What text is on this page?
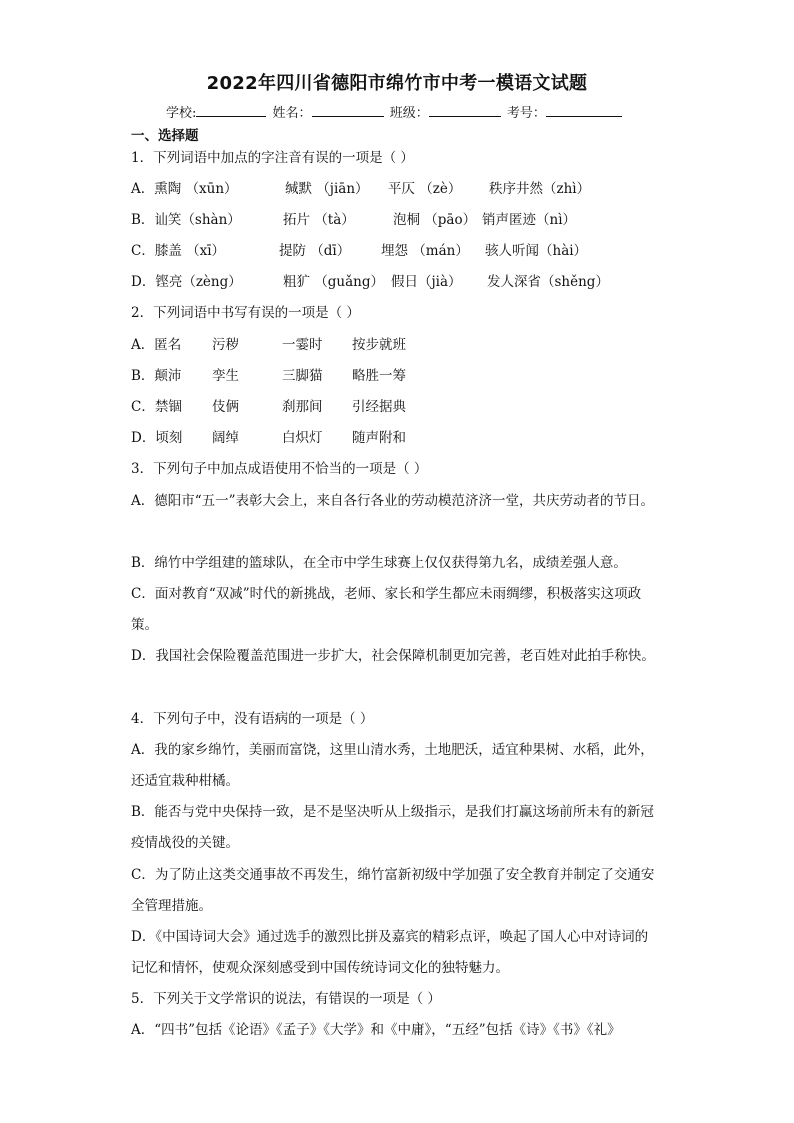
2022年四川省德阳市绵竹市中考一模语文试题
学校:	姓名：	班级：	考号：
一、选择题
1．下列词语中加点的字注音有误的一项是（ ）
A．熏陶 （xūn）	缄默 （jiān） 平仄 （zè） 秩序井然（zhì）
B．讪笑（shàn）	拓片 （tà）	泡桐 （pāo） 销声匿迹（nì）
C．膝盖 （xī）	提防 （dī） 埋怨 （mán） 骇人听闻（hài）
D．铿亮（zèng）	粗犷 （guǎng） 假日（jià） 发人深省（shěng）
2．下列词语中书写有误的一项是（ ）
A．匿名 污秽	一霎时 按步就班
B．颠沛 孪生	三脚猫 略胜一筹
C．禁锢 伎俩	刹那间 引经据典
D．顷刻 阔绰	白炽灯 随声附和
3．下列句子中加点成语使用不恰当的一项是（ ）
A．德阳市“五一”表彰大会上，来自各行各业的劳动模范济济一堂，共庆劳动者的节日。
B．绵竹中学组建的篮球队，在全市中学生球赛上仅仅获得第九名，成绩差强人意。
C．面对教育“双减”时代的新挑战，老师、家长和学生都应未雨绸缪，积极落实这项政策。
D．我国社会保险覆盖范围进一步扩大，社会保障机制更加完善，老百姓对此拍手称快。
4．下列句子中，没有语病的一项是（ ）
A．我的家乡绵竹，美丽而富饶，这里山清水秀，土地肥沃，适宜种果树、水稻，此外，还适宜栽种柑橘。
B．能否与党中央保持一致，是不是坚决听从上级指示，是我们打赢这场前所未有的新冠疫情战役的关键。
C．为了防止这类交通事故不再发生，绵竹富新初级中学加强了安全教育并制定了交通安全管理措施。
D．《中国诗词大会》通过选手的激烈比拼及嘉宾的精彩点评，唤起了国人心中对诗词的记忆和情怀，使观众深刻感受到中国传统诗词文化的独特魅力。
5．下列关于文学常识的说法，有错误的一项是（ ）
A．“四书”包括《论语》《孟子》《大学》和《中庸》，“五经”包括《诗》《书》《礼》
